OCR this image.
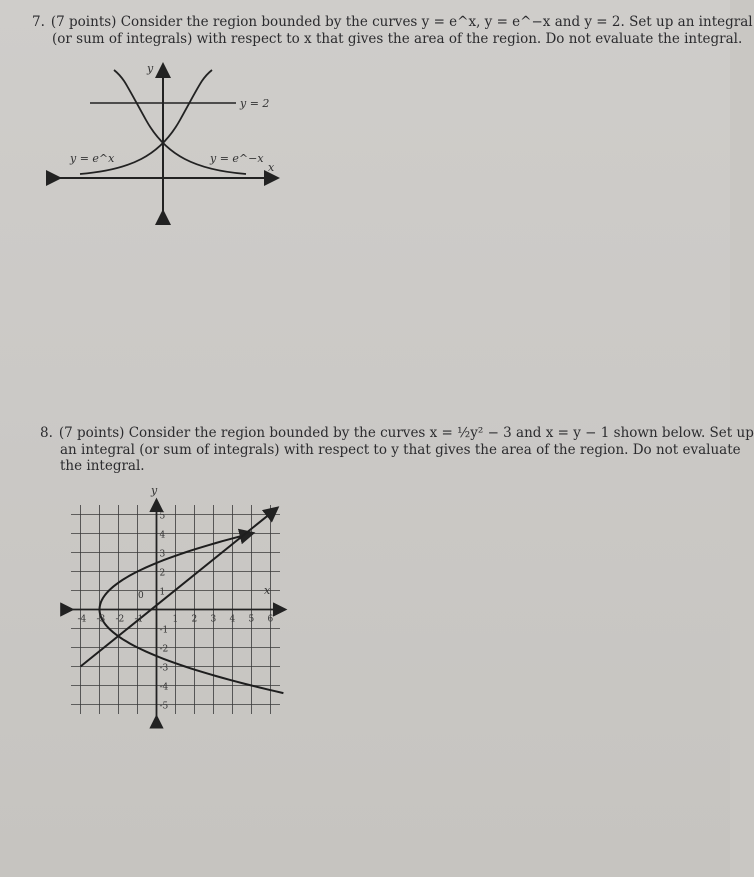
7. (7 points) Consider the region bounded by the curves y = e^x, y = e^−x and y = 2. Set up an integral
(or sum of integrals) with respect to x that gives the area of the region. Do not evaluate the integral.
y
x
y = 2
y = e^x	y = e^−x
8. (7 points) Consider the region bounded by the curves x = ½y² − 3 and x = y − 1 shown below. Set up
an integral (or sum of integrals) with respect to y that gives the area of the region. Do not evaluate
the integral.
-4 -3 -2 -1	1 2 3 4 5 6
5
4
3
2
1
-1
-2
-3
-4
-5
y
x
0
